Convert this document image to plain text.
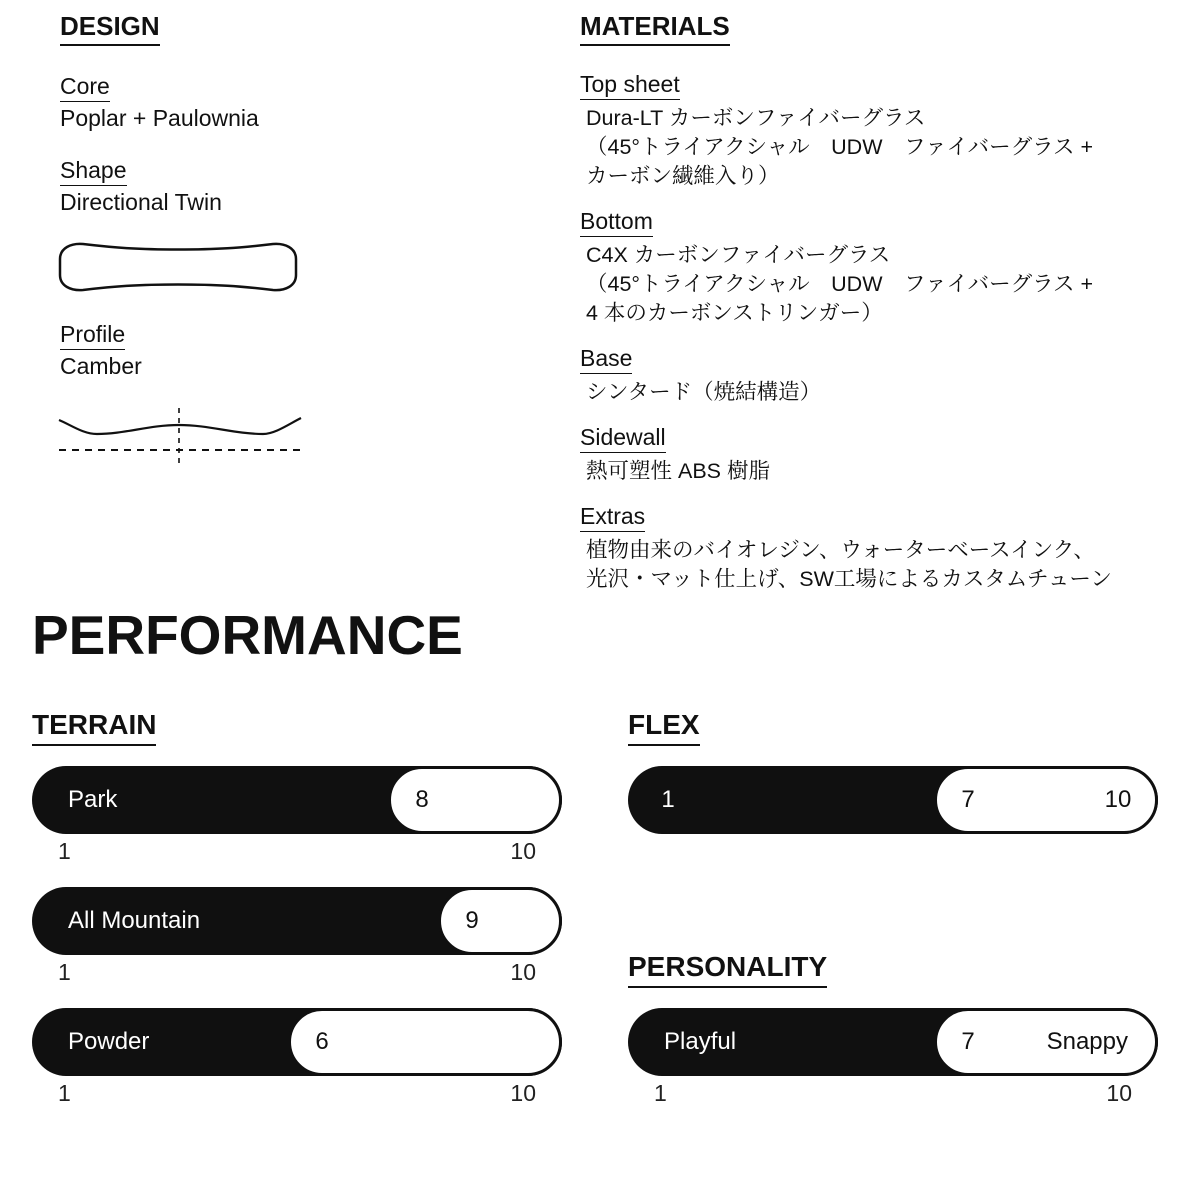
DESIGN
Core
Poplar + Paulownia
Shape
Directional Twin
Profile
Camber
MATERIALS
Top sheet
Dura-LT カーボンファイバーグラス
（45°トライアクシャル　UDW　ファイバーグラス +
カーボン繊維入り）
Bottom
C4X カーボンファイバーグラス
（45°トライアクシャル　UDW　ファイバーグラス +
4 本のカーボンストリンガー）
Base
シンタード（焼結構造）
Sidewall
熱可塑性 ABS 樹脂
Extras
植物由来のバイオレジン、ウォーターベースインク、
光沢・マット仕上げ、SW工場によるカスタムチューン
PERFORMANCE
TERRAIN
Park	8
1	10
All Mountain	9
1	10
Powder	6
1	10
FLEX
1	7	10
PERSONALITY
Playful	7	Snappy
1	10
